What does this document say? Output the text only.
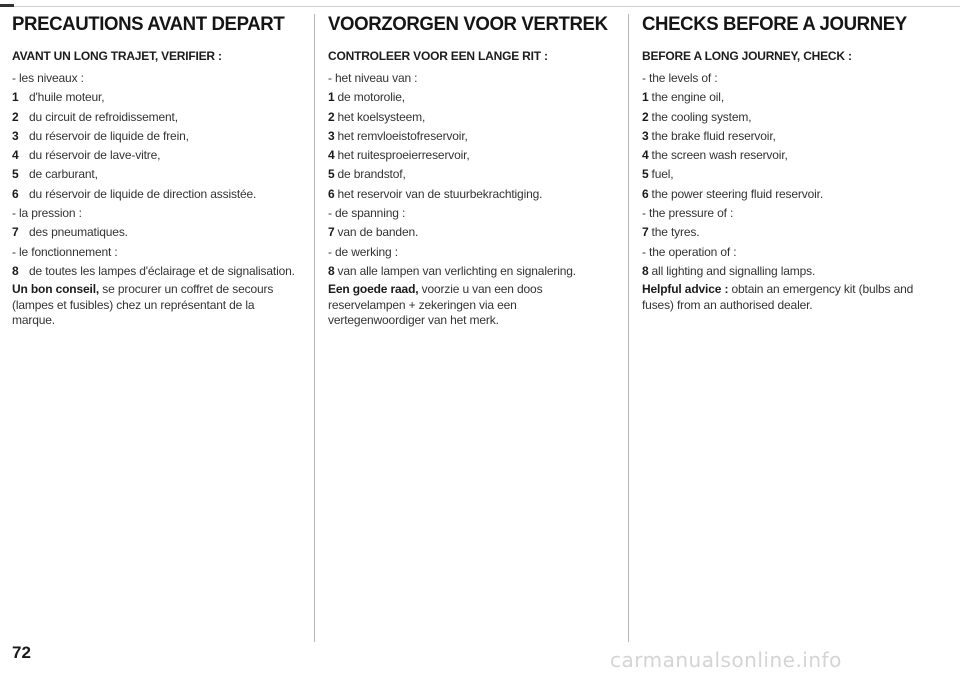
PRECAUTIONS AVANT DEPART
AVANT UN LONG TRAJET, VERIFIER :
- les niveaux :
1 d'huile moteur,
2 du circuit de refroidissement,
3 du réservoir de liquide de frein,
4 du réservoir de lave-vitre,
5 de carburant,
6 du réservoir de liquide de direction assistée.
- la pression :
7 des pneumatiques.
- le fonctionnement :
8 de toutes les lampes d'éclairage et de signalisation.
Un bon conseil, se procurer un coffret de secours (lampes et fusibles) chez un représentant de la marque.
VOORZORGEN VOOR VERTREK
CONTROLEER VOOR EEN LANGE RIT :
- het niveau van :
1 de motorolie,
2 het koelsysteem,
3 het remvloeistofreservoir,
4 het ruitesproeierreservoir,
5 de brandstof,
6 het reservoir van de stuurbekrachtiging.
- de spanning :
7 van de banden.
- de werking :
8 van alle lampen van verlichting en signalering.
Een goede raad, voorzie u van een doos reservelampen + zekeringen via een vertegenwoordiger van het merk.
CHECKS BEFORE A JOURNEY
BEFORE A LONG JOURNEY, CHECK :
- the levels of :
1 the engine oil,
2 the cooling system,
3 the brake fluid reservoir,
4 the screen wash reservoir,
5 fuel,
6 the power steering fluid reservoir.
- the pressure of :
7 the tyres.
- the operation of :
8 all lighting and signalling lamps.
Helpful advice : obtain an emergency kit (bulbs and fuses) from an authorised dealer.
72	carmanualsonline.info
